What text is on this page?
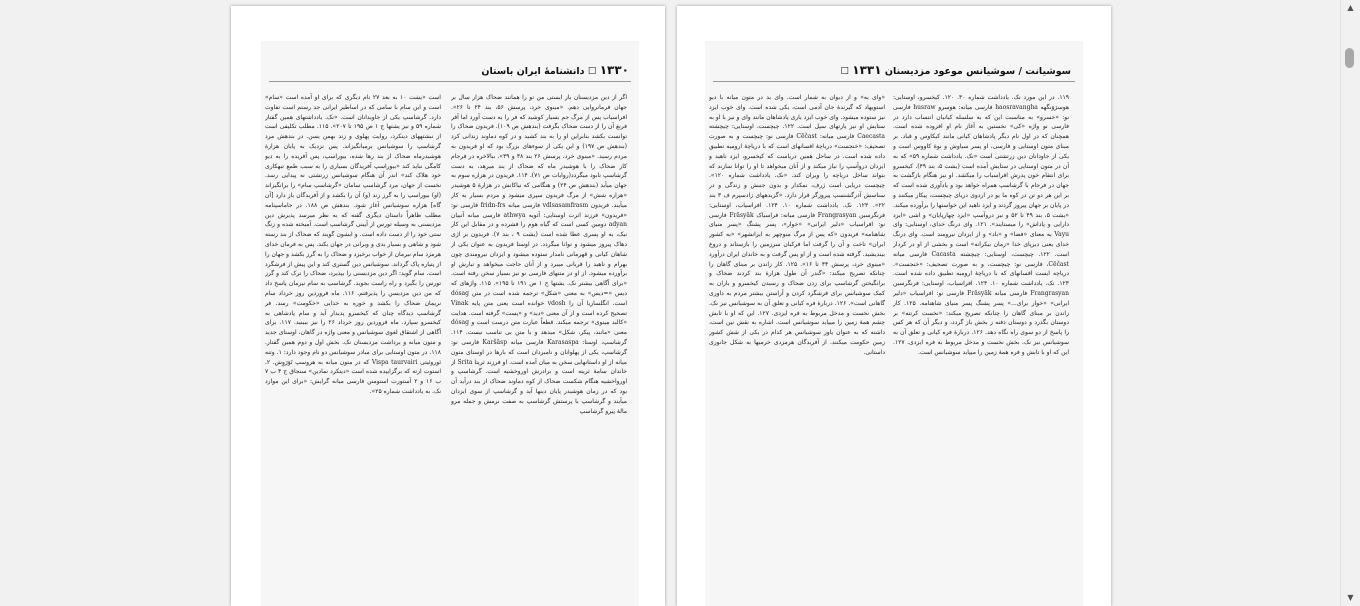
۱۳۳۰ ☐ دانشنامهٔ ایران باستان
اگر از دین مزدیسنان باز ایستی من تو را همانند ضحاک هزار سال بر جهان فرمانروایی دهم. «مینوی خرد، پرسش ۵۶، بند ۲۴ تا ۲۶». افراسیاب پس از مرگ جم بسیار کوشید که فر را به دست آورد اما آفر فرنغ آن را از دست ضحاک بگرفت (بندهش ص ۱۰۹). فریدون ضحاک را توانست بکشد بنابراین او را به بند کشید و در کوه دماوند زندانی کرد (بندهش ص ۱۹۷) و این یکی از سوءهای بزرگ بود که او فریدون به مردم رسید. «مینوی خرد، پرسش ۲۶ بند ۳۸ و ۳۹». ببالاخره در فرجام کار ضحاک را با هوشیدر ماه که ضحاک از بند میرهد، به دست گرشاسپ نابود میگردد(روایات ص ۷۱). ۱۱۴. فریدون در هزاره سوم به جهان میآید (بندهش ص ۲۴) و هنگامی که نیاکانش در هزارهٔ ۵ هوشیدر «هزاره شش» از مرگ فریدون سپری میشود و مردم بسیار به کار میآیند. فریدون vdlsasamfrasm فارسی میانه fridn-frs فارسی نو: «فریدون» فرزند اثرت اوستایی: آثویه athwya فارسی میانه آتبیان adyan دومین کسی است که گیاه هوم را فشرده و در مقابل این کار نیک، به او پسری عطا شده است (یشت ۹ ، بند ۷). فریدون بر اژی دهاک پیروز میشود و توانا میگردد. در اوستا فریدون به عنوان یکی از شاهان کیانی و قهرمانی نامدار ستوده میشود و ایزدان نیرومندی چون بهرام و ناهید را قربانی میبرد و از آنان حاجت میخواهد و تبارش او برآورده میشود. از او در متنهای فارسی نو نیز بسیار سخن رفته است. «برای آگاهی بیشتر نک. یشتها ج ۱ ص ۱۹۱ تا ۱۹۵». ۱۱۵. واژهای که دیس «=دیس» به معنی «شکل» ترجمه شده است در متن dósag است. انگلساریا آن را vdosh خوانده است یعنی متن پایه Vinak تصحیح کرده است و از آن معنی «دید» و «پست» گرفته است. هدایت «کالبد مینوی» ترجمه میکند. قطعاً عبارت متن درست است و dósag معنی «مانند، پیکر، شکل» میدهد و با متن بی تناسب نیست. ۱۱۴. گرشاسپ، اوستا: Karasaspa فارسی میانه Karšāsp فارسی نو: گرشاسپ، یکی از پهلوانان و نامبردان است که بارها در اوستای متون میانه از او داستانهایی سخن به میان آمده است. او فرزند ثریتا Srita از خاندان سامهٔ ثریته است و برادرش اوروخشیه است. گرشاسپ و اورواخشیه هنگام شکست ضحاک از کوه دماوند ضحاک از بند درآید آن بود که در زمان هوشیدر پایان دینها آید و گرشاسپ از سوی ایزدان میآیند و گرشاسپ با پرستش گرشاسپ به صفت نرمش و جمله مرو مالهٔ پیرو گرشاسپ
است «یشت ۱۰ به بعد ۲۷ نام دیگری که برای او آمده است «سام» است و این سام با سامی که در اساطیر ایرانی جد رستم است تفاوت دارد. گرشاسپ یکی از جاویدانان است. «نک. یادداشتهای همین گفتار شماره ۵۹ و نیز یشتها ج ۱ ص ۱۹۵ تا ۲۰۷». ۱۱۵. مطلب تکلیفی است از نبشتههای دینکرد، روایت پهلوی و زند بهمن یسن. در بندهش مرد گرشاسپ را سوشیانس برمیانگیزاند. پس نزدیک به پایان هزارهٔ هوشیدرماه ضحاک از بند رها شده، بیوراسپ، پس آفریده را به دیو کامگی نباید کند «بیوراسپ آفریدگان بسیاری را به سبب طمع تبهکاری خود هلاک کند» اندر آن هنگام سوشیانس زرتشتی نه پیدایی رسد. نخست از جهان، مرد گرشاسپ سامان «گرشاسپ سام» را برانگیزاند (او) بیوراسپ را به گرز زند (و) آن را بکشد و از آفریدگان باز دارد [آن گاه] هزاره سوشیانس آغاز شود. بندهش ص ۱۸۸. در جاماسپنامه مطلب ظاهراً داستان دیگری گفته که به نظر میرسد پذیرش دین مزدیسنی به وسیله تورس از آیینی گرشاسپ است. آمیخته شده و زنگ ستی خود را از دست داده است. و ایشون گویند که ضحاک از بند رسته شود و شاهی و بسیار بدی و ویرانی در جهان بکند. پس به فرمان خدای هرمزد سام نیرمان از خواب برخیزد و ضحاک را به گرز بکشد و جهان را از پتیاره پاک گرداند. سوشیانس دین گستری کند و این پیش از فرشگرد است. سام گوید: اگر دین مزدیسنی را بپذیرد، ضحاک را ترک کند و گرز تورس را بگیرد و راه راست بجوید. گرشاسپ به سام نیرمان پاسخ داد که من دین مزدیسن را پذیرفتم. ۱۱۶. ماه فروردین روز خرداد سام نریمان ضحاک را بکشد و خوره به خدایی «خکومت» رسد. فر گرشاسپ دیدگاه چنان که کیخسرو پدیدار آید و سام پادشاهی به کیخسرو سپارد. ماه فروردین روز خرداد ۲۶ را نیز ببینید. ۱۱۷. برای آگاهی از اشتقاق لغوی سوشیانس و معنی واژه در گاهان، اوستای جدید و متون میانه و برداشت مزدیسنان نک. بخش اول و دوم همین گفتار. ۱۱۸. در متون اوستایی برای مبادر سوشیانس دو نام وجود دارد: ۱. وتنه ئوروئیتی Vispa taurvairi که در متون میانه به هروسپ تَوَرَوِش. ۲. استوت ارته که برگزاییده شده است «دینکرد نمادین» سنجاق ج ۴ ب ۷ ب ۱۶ و ۲ آستورت استومنن فارسی میانه گرایش: «برای این موارد نک. به یادداشت شماره ۲۵».
سوشیانت / سوشیانس موعود مزدیسنان ۱۳۳۱ ☐
۱۱۹. در این مورد نک. یادداشت شماره ۳۰. ۱۲۰. کیخسرو، اوستایی: هوسرَوَنگهه haosravangha فارسی میانه: هوسرو husraw فارسی نو: «خسرو» به مناسبت این که به سلسله کیانیان انتساب دارد در فارسی نو واژه «کی» نخستین به آغاز نام او افزوده شده است. همچنان که در اول نام دیگر پادشاهان کیانی مانند کیکاوس و قباد. بر مبنای متون اوستایی و فارسی، او پسر سیاوش و نوهٔ کاووس است و یکی از جاودانان دین زرتشتی است «نک. یادداشت شماره ۵۹» که به آن در متون اوستایی در ستایش آمده است (یشت ۵، بند ۴۹). کیخسرو برای انتقام خون پدرش افراسیاب را میکشد. او نیز هنگام بازگشت به جهان در فرجام با گرشاسپ همراه خواهد بود و یادآوری شده است که بر این هر دو تن در کوه ما یو در اردوی دریای چیچست، پیکار میکنند و در پایان بر جهان پیروز گردند و ایزد ناهید این خواستها را برآورده میکند. «یشت ۵، بند ۴۹ تا ۵۲ و نیز دروآسپ «ایزد چهارپایان» و اشی «ایزد دارایی و پاداش» را میستایند». ۱۲۱. وای درنگ خدای، اوستایی: وای Vayu به معنای «فضا» و «باد» و از ایزدان نیرومند است. وای درنگ خدای یعنی دیرپای خدا «زمان بیکرانه» است و بخشی از او در کردار است. ۱۲۲. چیچست، اوستایی: چیچشته Cacasta فارسی میانه Cēčast، فارسی نو: چیچست، و به صورت تصحیف: «خنجست». دریاچه ایست افسانهای که با دریاچهٔ ارومیه تطبیق داده شده است. ۱۲۳. نک. یادداشت شماره ۱۰. ۱۲۴. افراسیاب، اوستایی: فرنگرسین Frangrasyan فارسی میانه Frāsyāk فارسی نو: افراسیاب «دلیر ایرانی» «خوار برای...» پسر پشنگ پسر منیای شاهنامه. ۱۲۵. کار زاندن بر مبنای گاهان را چنانکه تصریح میکند: «نخست کرتنه» بر دوستان بگذرد و دوستان دفنه ز بخش باز گردد، و دیگر آن که هر کس را پاسخ از دو سوی راه نگاه دهد. ۱۲۶. دربارهٔ فره کیانی و تعلق آن به سوشیانس نیز نک. بخش نخست و مدخل مربوط به فره ایزدی. ۱۲۷. این که او با تابش و فره همهٔ زمین را میپاید سوشیانس است.
«وای به» و از دیوان به شمار است. وای بد در متون میانه با دیو استویهاد که گیرندهٔ جان آدمی است، یکی شده است. وای خوب ایزد نیز ستوده میشود. وای خوب ایزد یاری پادشاهان مانند وای و نیز با او به ستایش او نیز یارتهای سپل است. ۱۲۲. چیچست، اوستایی: چیچشته Caecasta فارسی میانه: Cēčast فارسی نو: چیچست و به صورت تصحیف: «خنجست» دریاچهٔ افسانهای است که با دریاچهٔ ارومیه تطبیق داده شده است. در ساحل همین دریاست که کیخسرو، ایزد ناهید و ایزدان دروآسپ را نیاز میکند و از آنان میخواهد تا او را توانا سازند که بتواند ساحل دریاچه را ویران کند. «نک. یادداشت شماره ۱۲۰». چیچست دریایی است ژرف، نمکدار و بدون جنبش و زندگی و در سناسش آذرگشنسپ پیروزگر قرار دارد. «گزیدههای زادسپرم ف ۳ بند ۲۲». ۱۲۳. نک. یادداشت شماره ۱۰. ۱۲۴. افراسیاب، اوستایی: فرنگرسین Frangrasyan فارسی میانه: فراسیاک Frāsyāk فارسی نو: افراسیاب «دلیر ایرانی» «خوار»، پسر پشنگ «پسر منیای شاهنامه» فریدون «که پس از مرگ منوچهر به ایرانشهر» «به کشور ایران» تاخت و آن را گرفت اما فرکیان سرزمین را بازستاند و دروغ بیندیشید. گرفته شده است و از او پس گرفت و به خاندان ایران درآورد «مینوی خرد، پرسش ۴۴ تا ۱۶». ۱۲۵. کار زاندن بر مبنای گاهان را چنانکه تصریح میکند: «گندر آن طول هزارهٔ بند کردند ضحاک و برانگیختن گرشاسپ برای زدن ضحاک و رسیدن کیخسرو و یاران به کمک سوشیانس برای فرشگرد کردن و آراستن بیشتر مردم به داوری گاهانی است». ۱۲۶. دربارهٔ فره کیانی و تعلق آن به سوشیانس نیز نک. بخش نخست و مدخل مربوط به فره ایزدی. ۱۲۷. این که او با تابش چشم همهٔ زمین را میپاید سوشیانس است. اشاره به نقش نین است، داشته که به عنوان یاور سوشیانس هر کدام در یکی از شش کشور زمین حکومت میکنند. از آفریدگان هرمزدی خرمیها به شکل جانوری داستانی.
▲
▼
